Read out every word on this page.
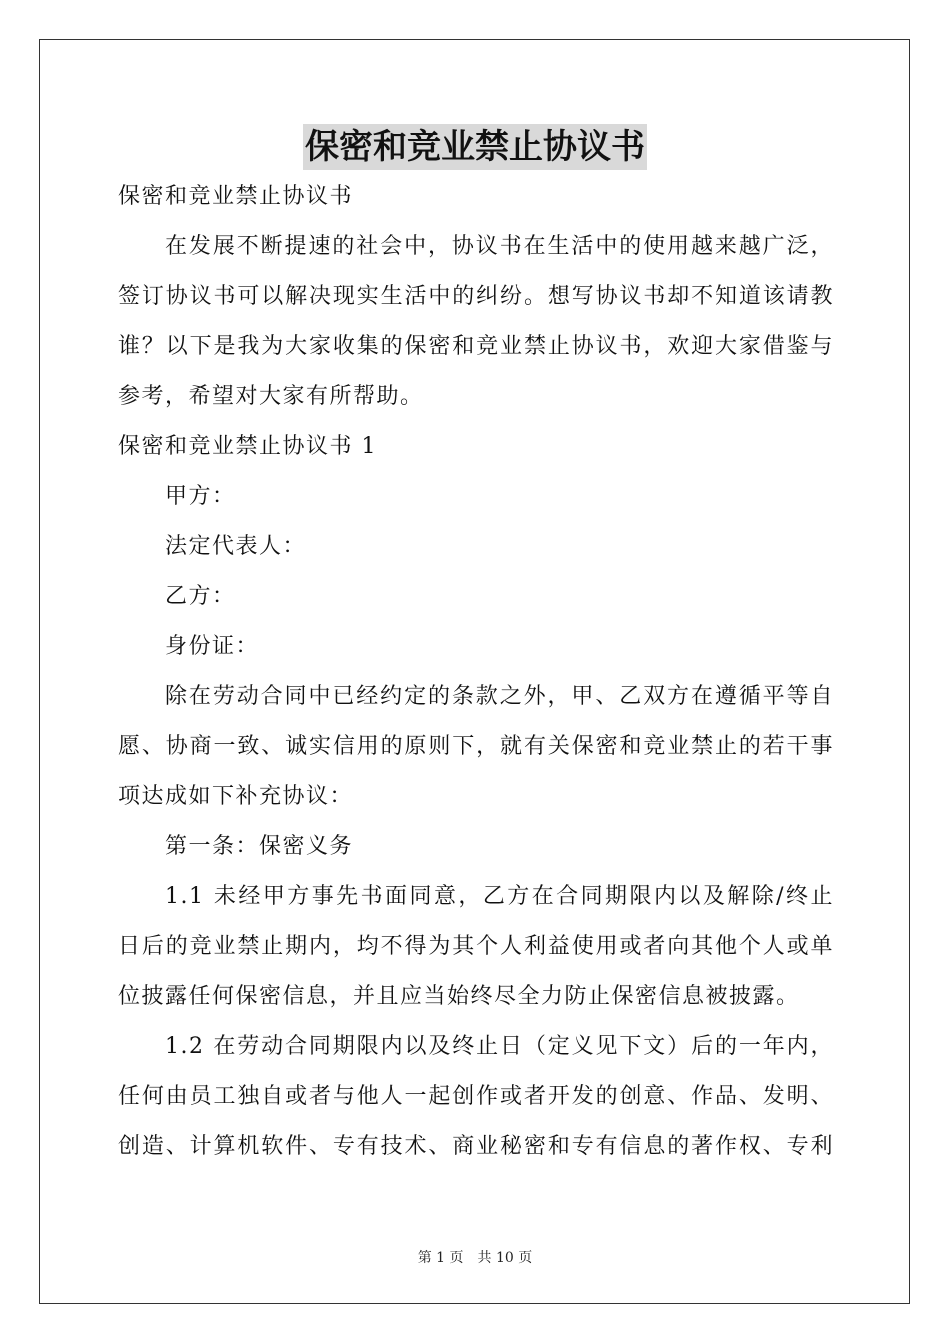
保密和竞业禁止协议书
保密和竞业禁止协议书
在发展不断提速的社会中，协议书在生活中的使用越来越广泛，
签订协议书可以解决现实生活中的纠纷。想写协议书却不知道该请教
谁？以下是我为大家收集的保密和竞业禁止协议书，欢迎大家借鉴与
参考，希望对大家有所帮助。
保密和竞业禁止协议书 1
甲方：
法定代表人：
乙方：
身份证：
除在劳动合同中已经约定的条款之外，甲、乙双方在遵循平等自
愿、协商一致、诚实信用的原则下，就有关保密和竞业禁止的若干事
项达成如下补充协议：
第一条：保密义务
1.1 未经甲方事先书面同意，乙方在合同期限内以及解除/终止
日后的竞业禁止期内，均不得为其个人利益使用或者向其他个人或单
位披露任何保密信息，并且应当始终尽全力防止保密信息被披露。
1.2 在劳动合同期限内以及终止日（定义见下文）后的一年内，
任何由员工独自或者与他人一起创作或者开发的创意、作品、发明、
创造、计算机软件、专有技术、商业秘密和专有信息的著作权、专利
第 1 页　共 10 页
